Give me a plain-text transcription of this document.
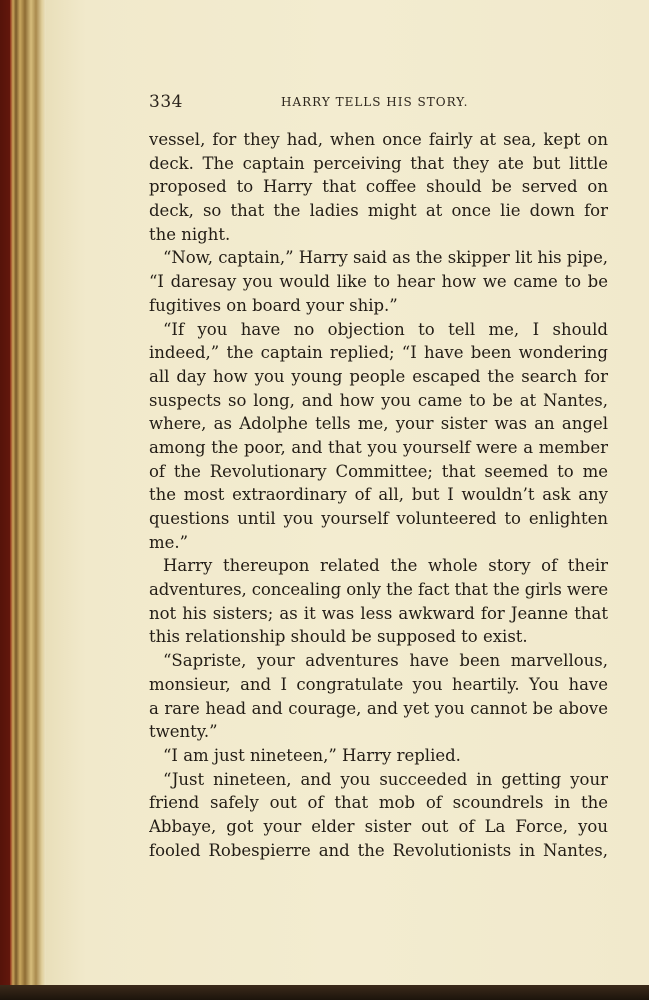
334	HARRY TELLS HIS STORY.
vessel, for they had, when once fairly at sea, kept on
deck. The captain perceiving that they ate but little
proposed to Harry that coffee should be served on
deck, so that the ladies might at once lie down for
the night.
“Now, captain,” Harry said as the skipper lit his pipe,
“I daresay you would like to hear how we came to be
fugitives on board your ship.”
“If you have no objection to tell me, I should
indeed,” the captain replied; “I have been wondering
all day how you young people escaped the search for
suspects so long, and how you came to be at Nantes,
where, as Adolphe tells me, your sister was an angel
among the poor, and that you yourself were a member
of the Revolutionary Committee; that seemed to me
the most extraordinary of all, but I wouldn’t ask any
questions until you yourself volunteered to enlighten
me.”
Harry thereupon related the whole story of their
adventures, concealing only the fact that the girls were
not his sisters; as it was less awkward for Jeanne that
this relationship should be supposed to exist.
“Sapriste, your adventures have been marvellous,
monsieur, and I congratulate you heartily. You have
a rare head and courage, and yet you cannot be above
twenty.”
“I am just nineteen,” Harry replied.
“Just nineteen, and you succeeded in getting your
friend safely out of that mob of scoundrels in the
Abbaye, got your elder sister out of La Force, you
fooled Robespierre and the Revolutionists in Nantes,
